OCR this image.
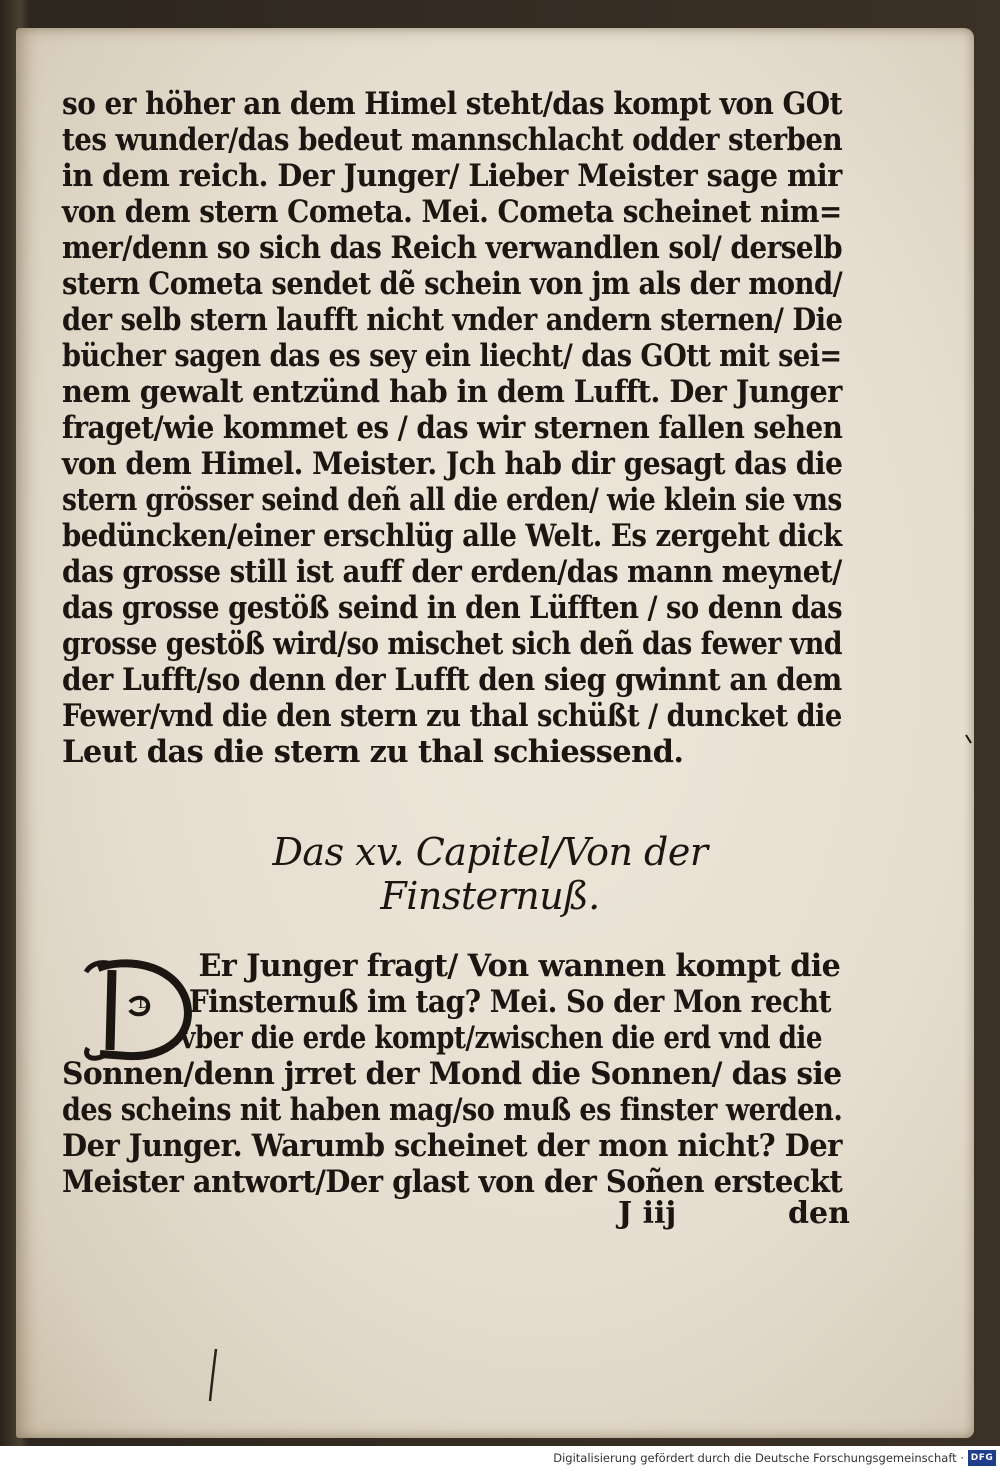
so er höher an dem Himel steht/das kompt von GOt
tes wunder/das bedeut mannschlacht odder sterben
in dem reich. Der Junger/ Lieber Meister sage mir
von dem stern Cometa. Mei. Cometa scheinet nim=
mer/denn so sich das Reich verwandlen sol/ derselb
stern Cometa sendet dẽ schein von jm als der mond/
der selb stern laufft nicht vnder andern sternen/ Die
bücher sagen das es sey ein liecht/ das GOtt mit sei=
nem gewalt entzünd hab in dem Lufft. Der Junger
fraget/wie kommet es / das wir sternen fallen sehen
von dem Himel. Meister. Jch hab dir gesagt das die
stern grösser seind deñ all die erden/ wie klein sie vns
bedüncken/einer erschlüg alle Welt. Es zergeht dick
das grosse still ist auff der erden/das mann meynet/
das grosse gestöß seind in den Lüfften / so denn das
grosse gestöß wird/so mischet sich deñ das fewer vnd
der Lufft/so denn der Lufft den sieg gwinnt an dem
Fewer/vnd die den stern zu thal schüßt / duncket die
Leut das die stern zu thal schiessend.
Das xv. Capitel/Von der
Finsternuß.
D
Er Junger fragt/ Von wannen kompt die
Finsternuß im tag? Mei. So der Mon recht
vber die erde kompt/zwischen die erd vnd die
Sonnen/denn jrret der Mond die Sonnen/ das sie
des scheins nit haben mag/so muß es finster werden.
Der Junger. Warumb scheinet der mon nicht? Der
Meister antwort/Der glast von der Soñen ersteckt
J iij	den
Digitalisierung gefördert durch die Deutsche Forschungsgemeinschaft · DFG
